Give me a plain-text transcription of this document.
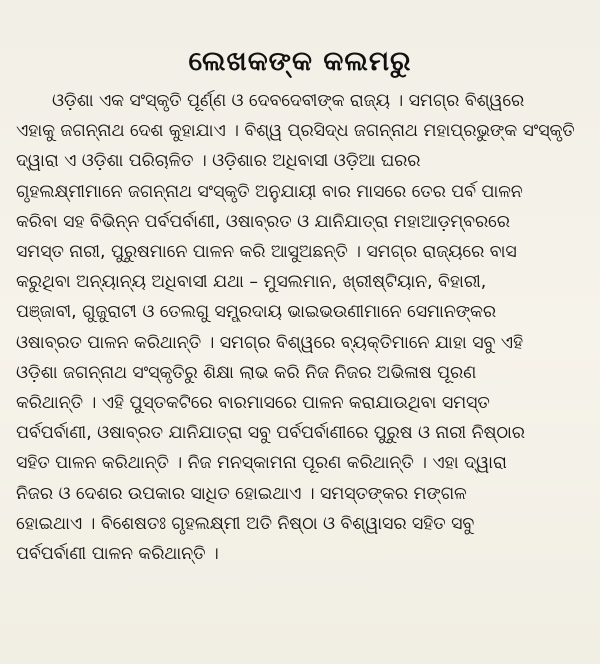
ଲେଖକଙ୍କ କଲମରୁ
ଓଡ଼ିଶା ଏକ ସଂସ୍କୃତି ପୂର୍ଣ୍ଣ ଓ ଦେବଦେବୀଙ୍କ ରାଜ୍ୟ । ସମଗ୍ର ବିଶ୍ୱରେ
ଏହାକୁ ଜଗନ୍ନାଥ ଦେଶ କୁହାଯାଏ । ବିଶ୍ୱ ପ୍ରସିଦ୍ଧ ଜଗନ୍ନାଥ ମହାପ୍ରଭୁଙ୍କ ସଂସ୍କୃତି
ଦ୍ୱାରା ଏ ଓଡ଼ିଶା ପରିଚାଳିତ । ଓଡ଼ିଶାର ଅଧିବାସୀ ଓଡ଼ିଆ ଘରର
ଗୃହଲକ୍ଷ୍ମୀମାନେ ଜଗନ୍ନାଥ ସଂସ୍କୃତି ଅନୁଯାୟୀ ବାର ମାସରେ ତେର ପର୍ବ ପାଳନ
କରିବା ସହ ବିଭିନ୍ନ ପର୍ବପର୍ବାଣୀ, ଓଷାବ୍ରତ ଓ ଯାନିଯାତ୍ରା ମହାଆଡ଼ମ୍ବରରେ
ସମସ୍ତ ନାରୀ, ପୁରୁଷମାନେ ପାଳନ କରି ଆସୁଅଛନ୍ତି । ସମଗ୍ର ରାଜ୍ୟରେ ବାସ
କରୁଥିବା ଅନ୍ୟାନ୍ୟ ଅଧିବାସୀ ଯଥା – ମୁସଲମାନ, ଖ୍ରୀଷ୍ଟିୟାନ, ବିହାରୀ,
ପଞ୍ଜାବୀ, ଗୁଜୁରାଟୀ ଓ ତେଲଗୁ ସମ୍ପ୍ରଦାୟ ଭାଇଭଉଣୀମାନେ ସେମାନଙ୍କର
ଓଷାବ୍ରତ ପାଳନ କରିଥାନ୍ତି । ସମଗ୍ର ବିଶ୍ୱରେ ବ୍ୟକ୍ତିମାନେ ଯାହା ସବୁ ଏହି
ଓଡ଼ିଶା ଜଗନ୍ନାଥ ସଂସ୍କୃତିରୁ ଶିକ୍ଷା ଲାଭ କରି ନିଜ ନିଜର ଅଭିଳାଷ ପୂରଣ
କରିଥାନ୍ତି । ଏହି ପୁସ୍ତକଟିରେ ବାରମାସରେ ପାଳନ କରାଯାଉଥିବା ସମସ୍ତ
ପର୍ବପର୍ବାଣୀ, ଓଷାବ୍ରତ ଯାନିଯାତ୍ରା ସବୁ ପର୍ବପର୍ବାଣୀରେ ପୁରୁଷ ଓ ନାରୀ ନିଷ୍ଠାର
ସହିତ ପାଳନ କରିଥାନ୍ତି । ନିଜ ମନସ୍କାମନା ପୂରଣ କରିଥାନ୍ତି । ଏହା ଦ୍ୱାରା
ନିଜର ଓ ଦେଶର ଉପକାର ସାଧିତ ହୋଇଥାଏ । ସମସ୍ତଙ୍କର ମଙ୍ଗଳ
ହୋଇଥାଏ । ବିଶେଷତଃ ଗୃହଲକ୍ଷ୍ମୀ ଅତି ନିଷ୍ଠା ଓ ବିଶ୍ୱାସର ସହିତ ସବୁ
ପର୍ବପର୍ବାଣୀ ପାଳନ କରିଥାନ୍ତି ।
